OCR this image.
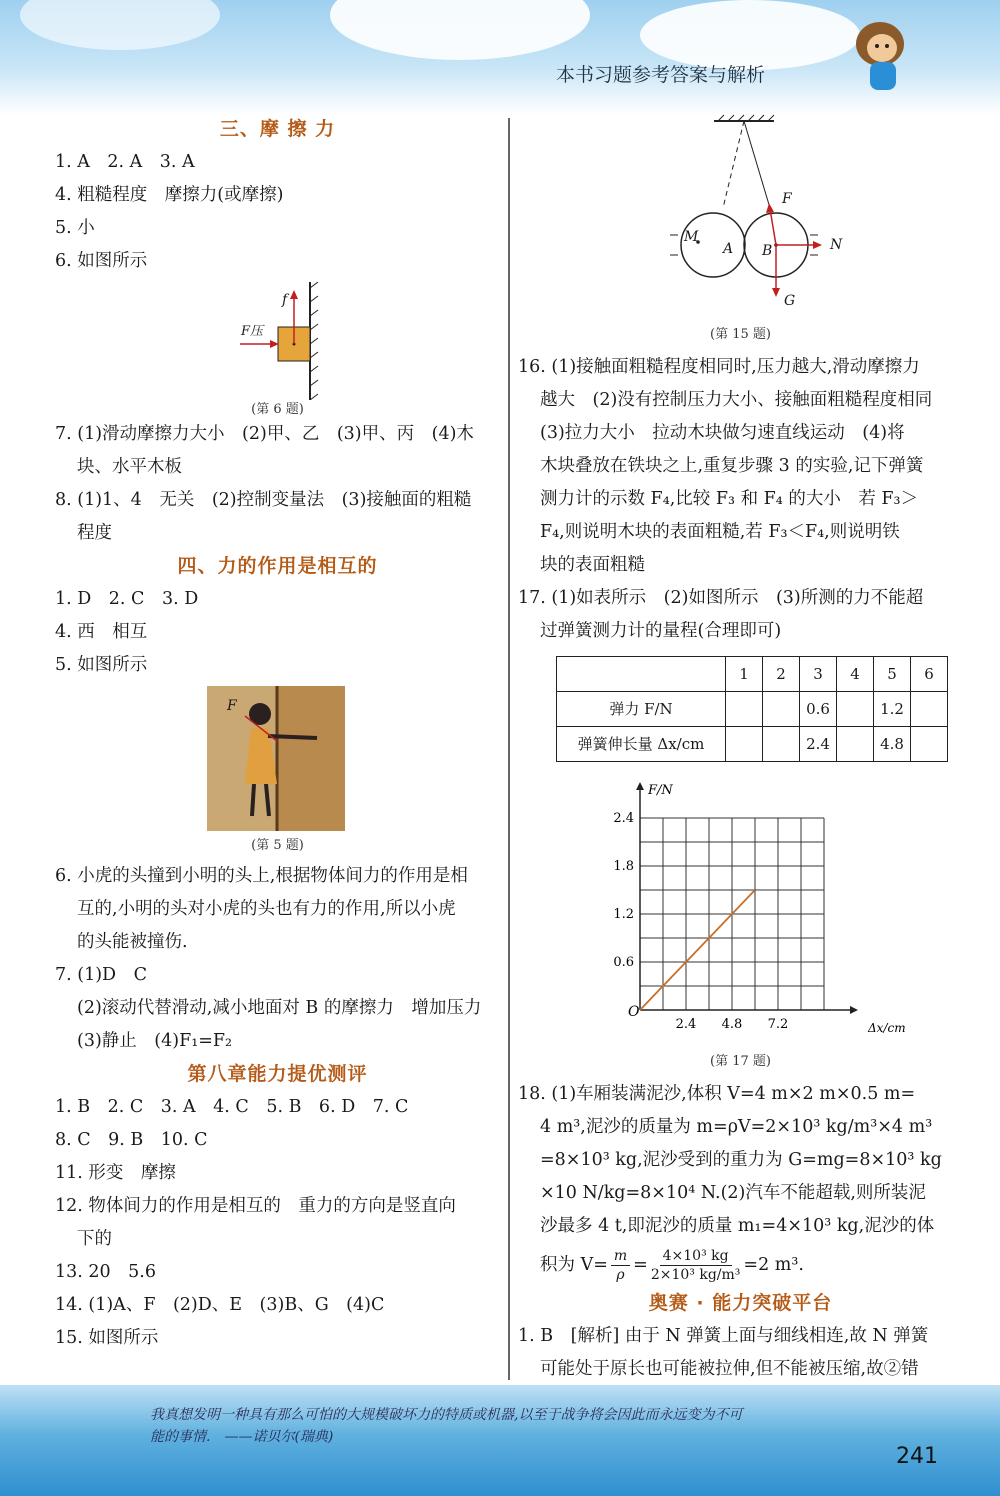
本书习题参考答案与解析
三、摩 擦 力
1. A　2. A　3. A
4. 粗糙程度　摩擦力(或摩擦)
5. 小
6. 如图所示
f
F压
(第 6 题)
7. (1)滑动摩擦力大小　(2)甲、乙　(3)甲、丙　(4)木
块、水平木板
8. (1)1、4　无关　(2)控制变量法　(3)接触面的粗糙
程度
四、力的作用是相互的
1. D　2. C　3. D
4. 西　相互
5. 如图所示
F
(第 5 题)
6. 小虎的头撞到小明的头上,根据物体间力的作用是相
互的,小明的头对小虎的头也有力的作用,所以小虎
的头能被撞伤.
7. (1)D　C
(2)滚动代替滑动,减小地面对 B 的摩擦力　增加压力
(3)静止　(4)F₁=F₂
第八章能力提优测评
1. B　2. C　3. A　4. C　5. B　6. D　7. C
8. C　9. B　10. C
11. 形变　摩擦
12. 物体间力的作用是相互的　重力的方向是竖直向
下的
13. 20　5.6
14. (1)A、F　(2)D、E　(3)B、G　(4)C
15. 如图所示
M
A B	N
F
G
(第 15 题)
16. (1)接触面粗糙程度相同时,压力越大,滑动摩擦力
越大　(2)没有控制压力大小、接触面粗糙程度相同
(3)拉力大小　拉动木块做匀速直线运动　(4)将
木块叠放在铁块之上,重复步骤 3 的实验,记下弹簧
测力计的示数 F₄,比较 F₃ 和 F₄ 的大小　若 F₃＞
F₄,则说明木块的表面粗糙,若 F₃＜F₄,则说明铁
块的表面粗糙
17. (1)如表所示　(2)如图所示　(3)所测的力不能超
过弹簧测力计的量程(合理即可)
	1	2	3	4	5	6
弹力 F/N			0.6		1.2	
弹簧伸长量 Δx/cm			2.4		4.8	
2.4 4.8 7.2
0.6
1.2
1.8
2.4
O
Δx/cm
F/N
(第 17 题)
18. (1)车厢装满泥沙,体积 V=4 m×2 m×0.5 m=
4 m³,泥沙的质量为 m=ρV=2×10³ kg/m³×4 m³
=8×10³ kg,泥沙受到的重力为 G=mg=8×10³ kg
×10 N/kg=8×10⁴ N.(2)汽车不能超载,则所装泥
沙最多 4 t,即泥沙的质量 m₁=4×10³ kg,泥沙的体
积为 $V= \frac{m}{\rho} = \frac{\text{4×10³ kg}}{\text{2×10³ kg/m³}} =2$ m³.
奥赛 · 能力突破平台
1. B　[解析] 由于 N 弹簧上面与细线相连,故 N 弹簧
可能处于原长也可能被拉伸,但不能被压缩,故②错
我真想发明一种具有那么可怕的大规模破坏力的特质或机器,以至于战争将会因此而永远变为不可
能的事情.　——诺贝尔(瑞典)
241
